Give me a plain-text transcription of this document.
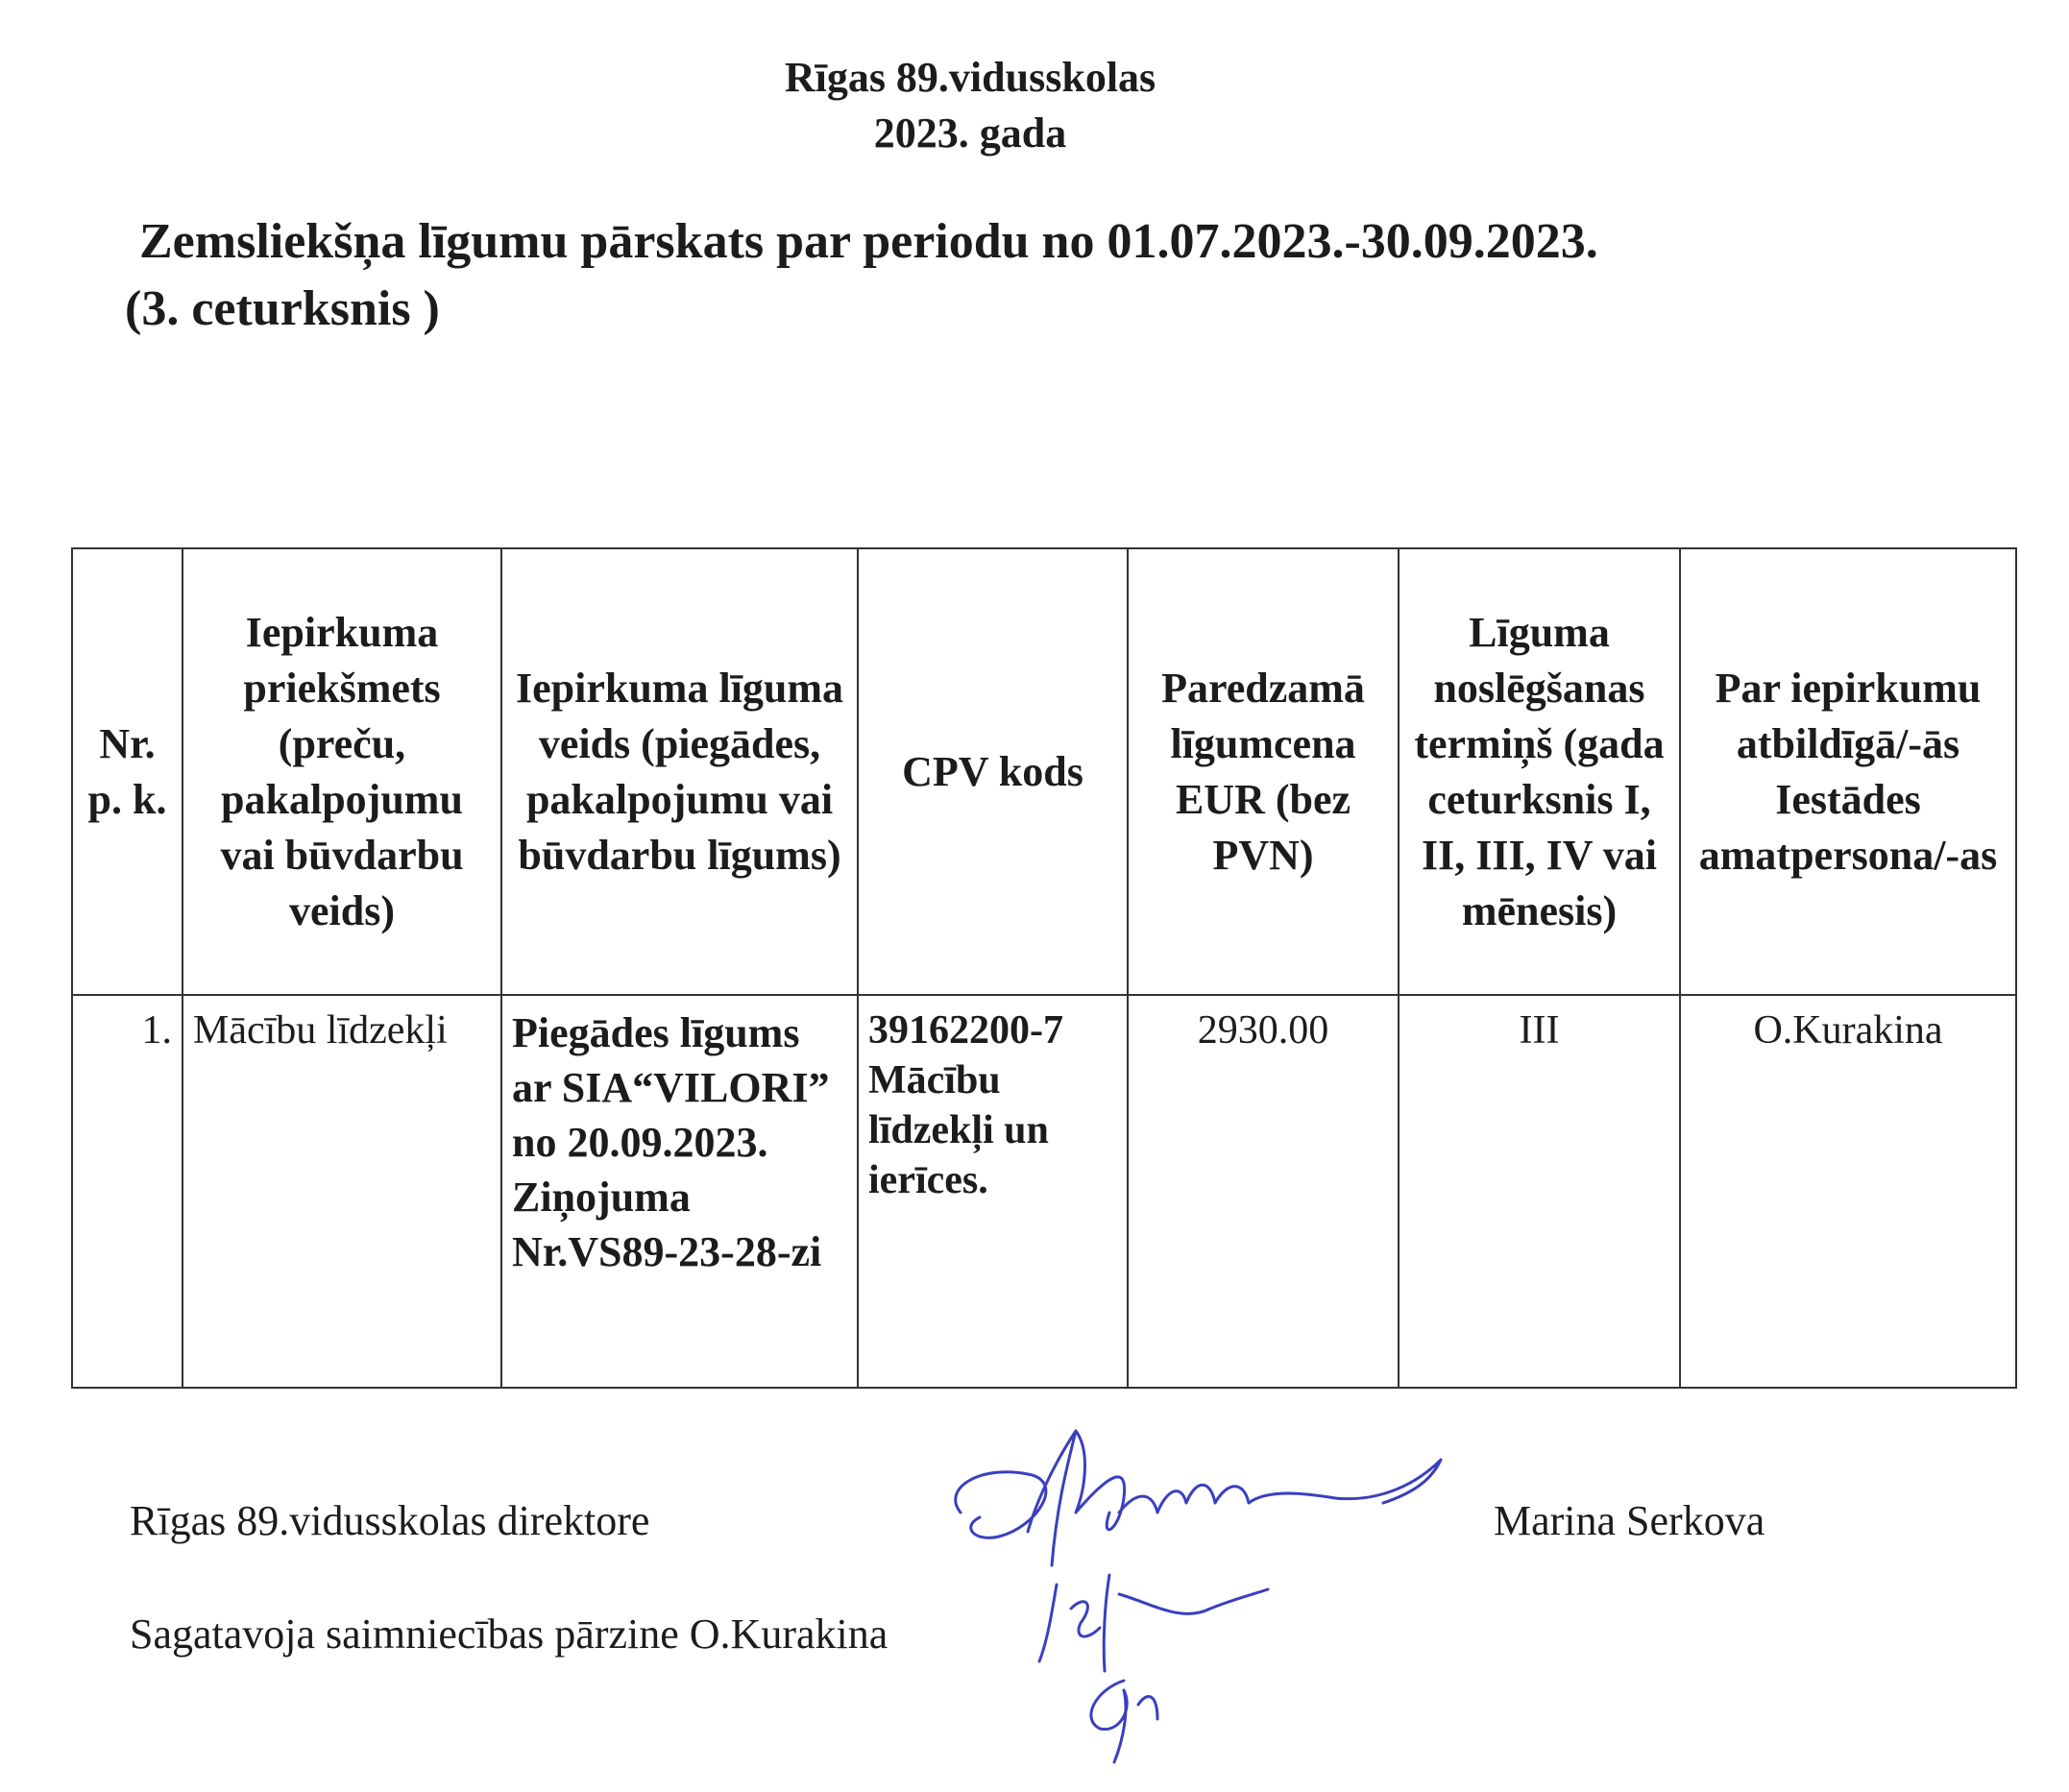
Rīgas 89.vidusskolas
2023. gada
Zemsliekšņa līgumu pārskats par periodu no 01.07.2023.-30.09.2023.
(3. ceturksnis )
Nr. p. k.	Iepirkuma priekšmets (preču, pakalpojumu vai būvdarbu veids)	Iepirkuma līguma veids (piegādes, pakalpojumu vai būvdarbu līgums)	CPV kods	Paredzamā līgumcena EUR (bez PVN)	Līguma noslēgšanas termiņš (gada ceturksnis I, II, III, IV vai mēnesis)	Par iepirkumu atbildīgā/-ās Iestādes amatpersona/-as
1.	Mācību līdzekļi	Piegādes līgums ar SIA“VILORI” no 20.09.2023. Ziņojuma Nr.VS89-23-28-zi	39162200-7 Mācību līdzekļi un ierīces.	2930.00	III	O.Kurakina
Rīgas 89.vidusskolas direktore	Marina Serkova
Sagatavoja saimniecības pārzine O.Kurakina
